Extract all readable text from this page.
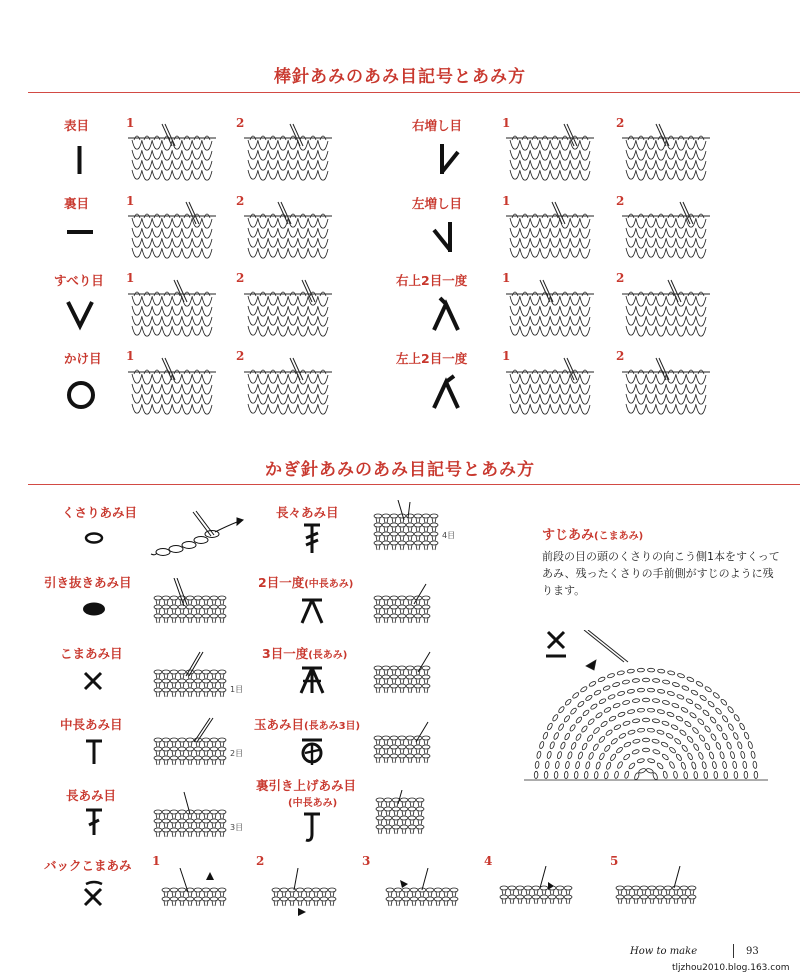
棒針あみのあみ目記号とあみ方
表目
裏目
すべり目
かけ目
右増し目
左増し目
右上2目一度
左上2目一度
1	2
1	2
1	2
1	2
1	2
1	2
1	2
1	2
かぎ針あみのあみ目記号とあみ方
くさりあみ目
引き抜きあみ目
こまあみ目
中長あみ目
長あみ目
長々あみ目
2目一度(中長あみ)
3目一度(長あみ)
玉あみ目(長あみ3目)
裏引き上げあみ目
(中長あみ)
バックこまあみ
1目
2目
3目
4目
1	2	3	4	5
すじあみ(こまあみ)
前段の目の頭のくさりの向こう側1本をすくってあみ、残ったくさりの手前側がすじのように残ります。
How to make	93
tljzhou2010.blog.163.com
